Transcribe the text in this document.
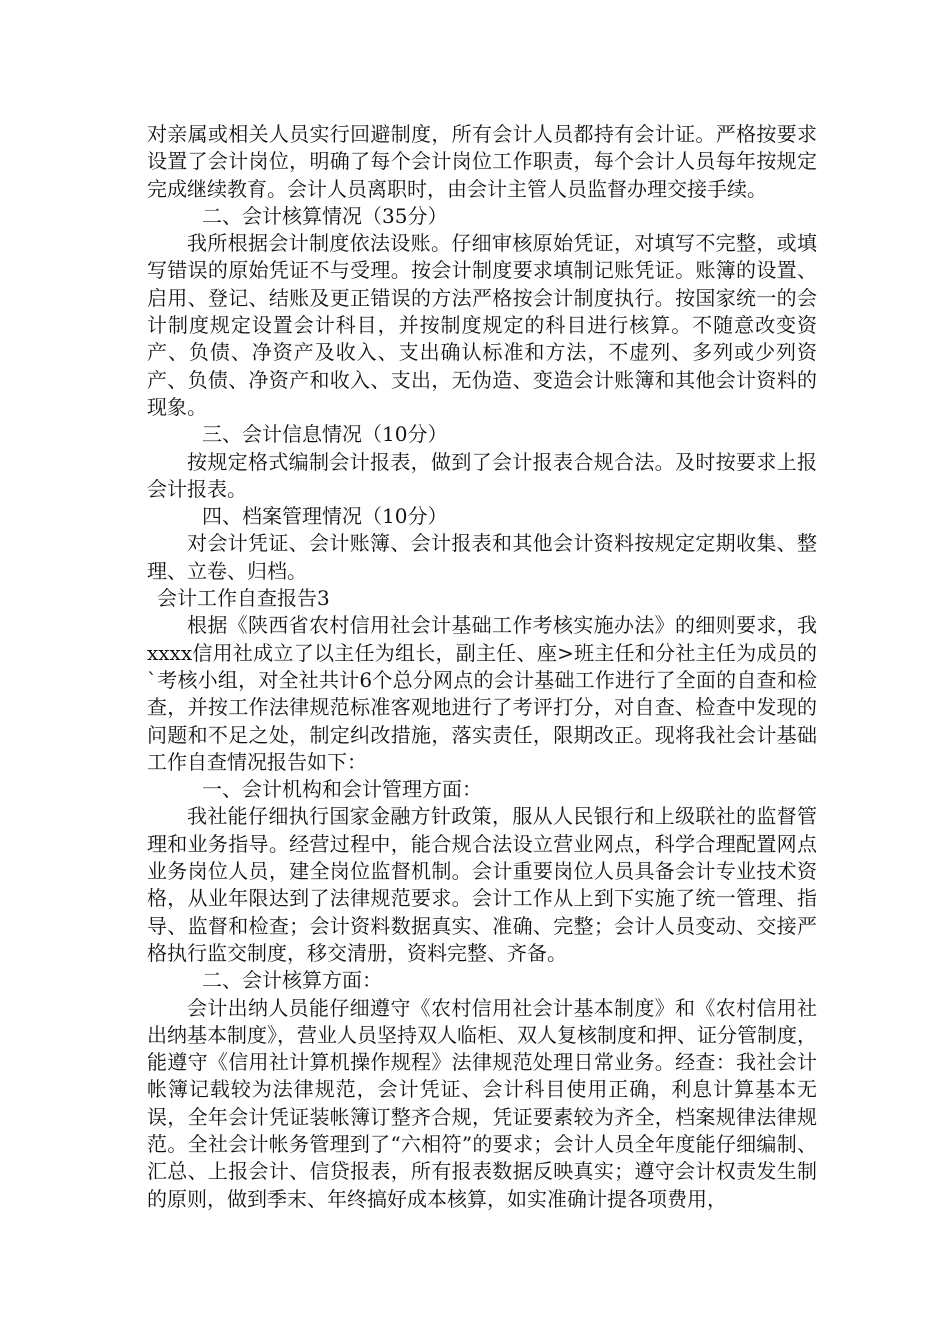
对亲属或相关人员实行回避制度，所有会计人员都持有会计证。严格按要求设置了会计岗位，明确了每个会计岗位工作职责，每个会计人员每年按规定完成继续教育。会计人员离职时，由会计主管人员监督办理交接手续。

二、会计核算情况（35分）

我所根据会计制度依法设账。仔细审核原始凭证，对填写不完整，或填写错误的原始凭证不与受理。按会计制度要求填制记账凭证。账簿的设置、启用、登记、结账及更正错误的方法严格按会计制度执行。按国家统一的会计制度规定设置会计科目，并按制度规定的科目进行核算。不随意改变资产、负债、净资产及收入、支出确认标准和方法，不虚列、多列或少列资产、负债、净资产和收入、支出，无伪造、变造会计账簿和其他会计资料的现象。

三、会计信息情况（10分）

按规定格式编制会计报表，做到了会计报表合规合法。及时按要求上报会计报表。

四、档案管理情况（10分）

对会计凭证、会计账簿、会计报表和其他会计资料按规定定期收集、整理、立卷、归档。

会计工作自查报告3

根据《陕西省农村信用社会计基础工作考核实施办法》的细则要求，我xxxx信用社成立了以主任为组长，副主任、座>班主任和分社主任为成员的`考核小组，对全社共计6个总分网点的会计基础工作进行了全面的自查和检查，并按工作法律规范标准客观地进行了考评打分，对自查、检查中发现的问题和不足之处，制定纠改措施，落实责任，限期改正。现将我社会计基础工作自查情况报告如下：

一、会计机构和会计管理方面：

我社能仔细执行国家金融方针政策，服从人民银行和上级联社的监督管理和业务指导。经营过程中，能合规合法设立营业网点，科学合理配置网点业务岗位人员，建全岗位监督机制。会计重要岗位人员具备会计专业技术资格，从业年限达到了法律规范要求。会计工作从上到下实施了统一管理、指导、监督和检查；会计资料数据真实、准确、完整；会计人员变动、交接严格执行监交制度，移交清册，资料完整、齐备。

二、会计核算方面：

会计出纳人员能仔细遵守《农村信用社会计基本制度》和《农村信用社出纳基本制度》，营业人员坚持双人临柜、双人复核制度和押、证分管制度，能遵守《信用社计算机操作规程》法律规范处理日常业务。经查：我社会计帐簿记载较为法律规范，会计凭证、会计科目使用正确，利息计算基本无误，全年会计凭证装帐簿订整齐合规，凭证要素较为齐全，档案规律法律规范。全社会计帐务管理到了“六相符”的要求；会计人员全年度能仔细编制、汇总、上报会计、信贷报表，所有报表数据反映真实；遵守会计权责发生制的原则，做到季末、年终搞好成本核算，如实准确计提各项费用，
